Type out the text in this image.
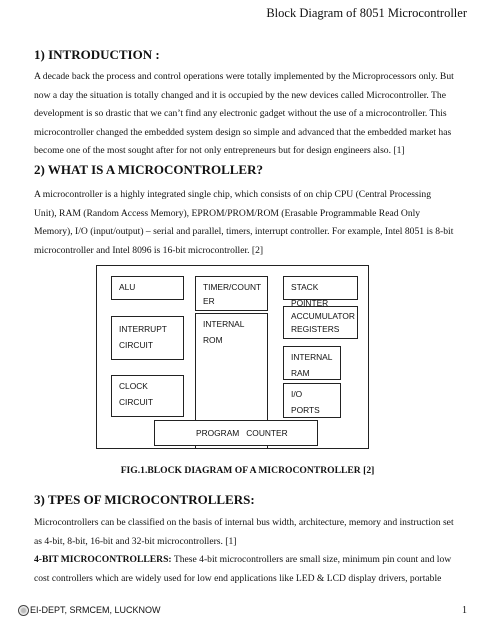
Block Diagram of 8051 Microcontroller
1) INTRODUCTION :
A decade back the process and control operations were totally implemented by the Microprocessors only. But
now a day the situation is totally changed and it is occupied by the new devices called Microcontroller. The
development is so drastic that we can’t find any electronic gadget without the use of a microcontroller. This
microcontroller changed the embedded system design so simple and advanced that the embedded market has
become one of the most sought after for not only entrepreneurs but for design engineers also. [1]
2) WHAT IS A MICROCONTROLLER?
A microcontroller is a highly integrated single chip, which consists of on chip CPU (Central Processing
Unit), RAM (Random Access Memory), EPROM/PROM/ROM (Erasable Programmable Read Only
Memory), I/O (input/output) – serial and parallel, timers, interrupt controller. For example, Intel 8051 is 8-bit
microcontroller and Intel 8096 is 16-bit microcontroller. [2]
ALU	TIMER/COUNT
ER
STACK POINTER
ACCUMULATOR
REGISTERS
INTERNAL
ROM
INTERRUPT
CIRCUIT
INTERNAL
RAM
CLOCK
CIRCUIT
I/O
PORTS
PROGRAM   COUNTER
FIG.1.BLOCK DIAGRAM OF A MICROCONTROLLER [2]
3) TPES OF MICROCONTROLLERS:
Microcontrollers can be classified on the basis of internal bus width, architecture, memory and instruction set
as 4-bit, 8-bit, 16-bit and 32-bit microcontrollers. [1]
4-BIT MICROCONTROLLERS: These 4-bit microcontrollers are small size, minimum pin count and low
cost controllers which are widely used for low end applications like LED & LCD display drivers, portable
EI-DEPT, SRMCEM, LUCKNOW	1
